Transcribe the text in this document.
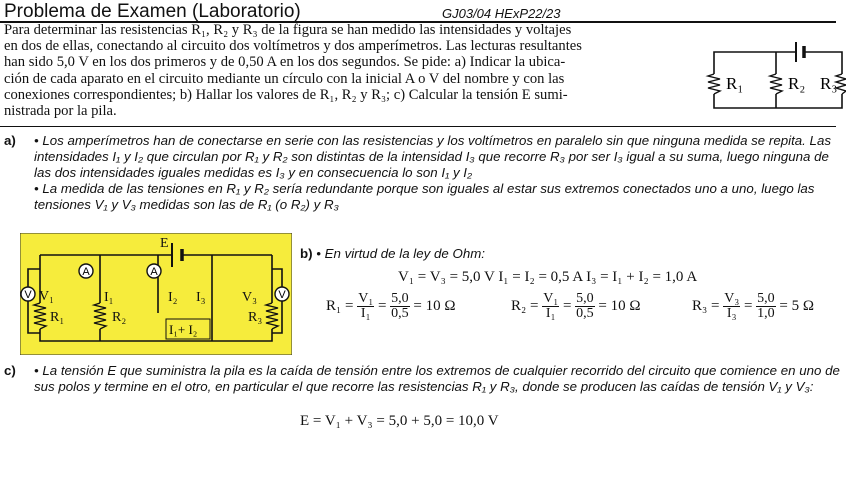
Problema de Examen (Laboratorio)	GJ03/04 HExP22/23
Para determinar las resistencias R₁, R₂ y R₃ de la figura se han medido las intensidades y voltajes
en dos de ellas, conectando al circuito dos voltímetros y dos amperímetros. Las lecturas resultantes
han sido 5,0 V en los dos primeros y de 0,50 A en los dos segundos. Se pide: a) Indicar la ubica-
ción de cada aparato en el circuito mediante un círculo con la inicial A o V del nombre y con las
conexiones correspondientes; b) Hallar los valores de R₁, R₂ y R₃; c) Calcular la tensión E sumi-
nistrada por la pila.
R₁	R₂ R₃
a)	• Los amperímetros han de conectarse en serie con las resistencias y los voltímetros en paralelo sin que ninguna medida se repita. Las intensidades I₁ y I₂ que circulan por R₁ y R₂ son distintas de la intensidad I₃ que recorre R₃ por ser I₃ igual a su suma, luego ninguna de las dos intensidades iguales medidas es I₃ y en consecuencia lo son I₁ y I₂
• La medida de las tensiones en R₁ y R₂ sería redundante porque son iguales al estar sus extremos conectados uno a uno, luego las tensiones V₁ y V₃ medidas son las de R₁ (o R₂) y R₃
A	A
V	V
E
V₁	I₁	I₂ I₃	V₃
R₁	R₂	R₃
I₁+ I₂
b) • En virtud de la ley de Ohm:
V₁ = V₃ = 5,0 V I₁ = I₂ = 0,5 A I₃ = I₁ + I₂ = 1,0 A
$R_1 = \frac{\text{V₁}}{\text{I₁}} = \frac{5,0}{0,5} = 10$ Ω	$R_2 = \frac{\text{V₁}}{\text{I₁}} = \frac{5,0}{0,5} = 10$ Ω	$R_3 = \frac{\text{V₃}}{\text{I₃}} = \frac{5,0}{1,0} = 5$ Ω
c)	• La tensión E que suministra la pila es la caída de tensión entre los extremos de cualquier recorrido del circuito que comience en uno de sus polos y termine en el otro, en particular el que recorre las resistencias R₁ y R₃, donde se producen las caídas de tensión V₁ y V₃:
E = V₁ + V₃ = 5,0 + 5,0 = 10,0 V
